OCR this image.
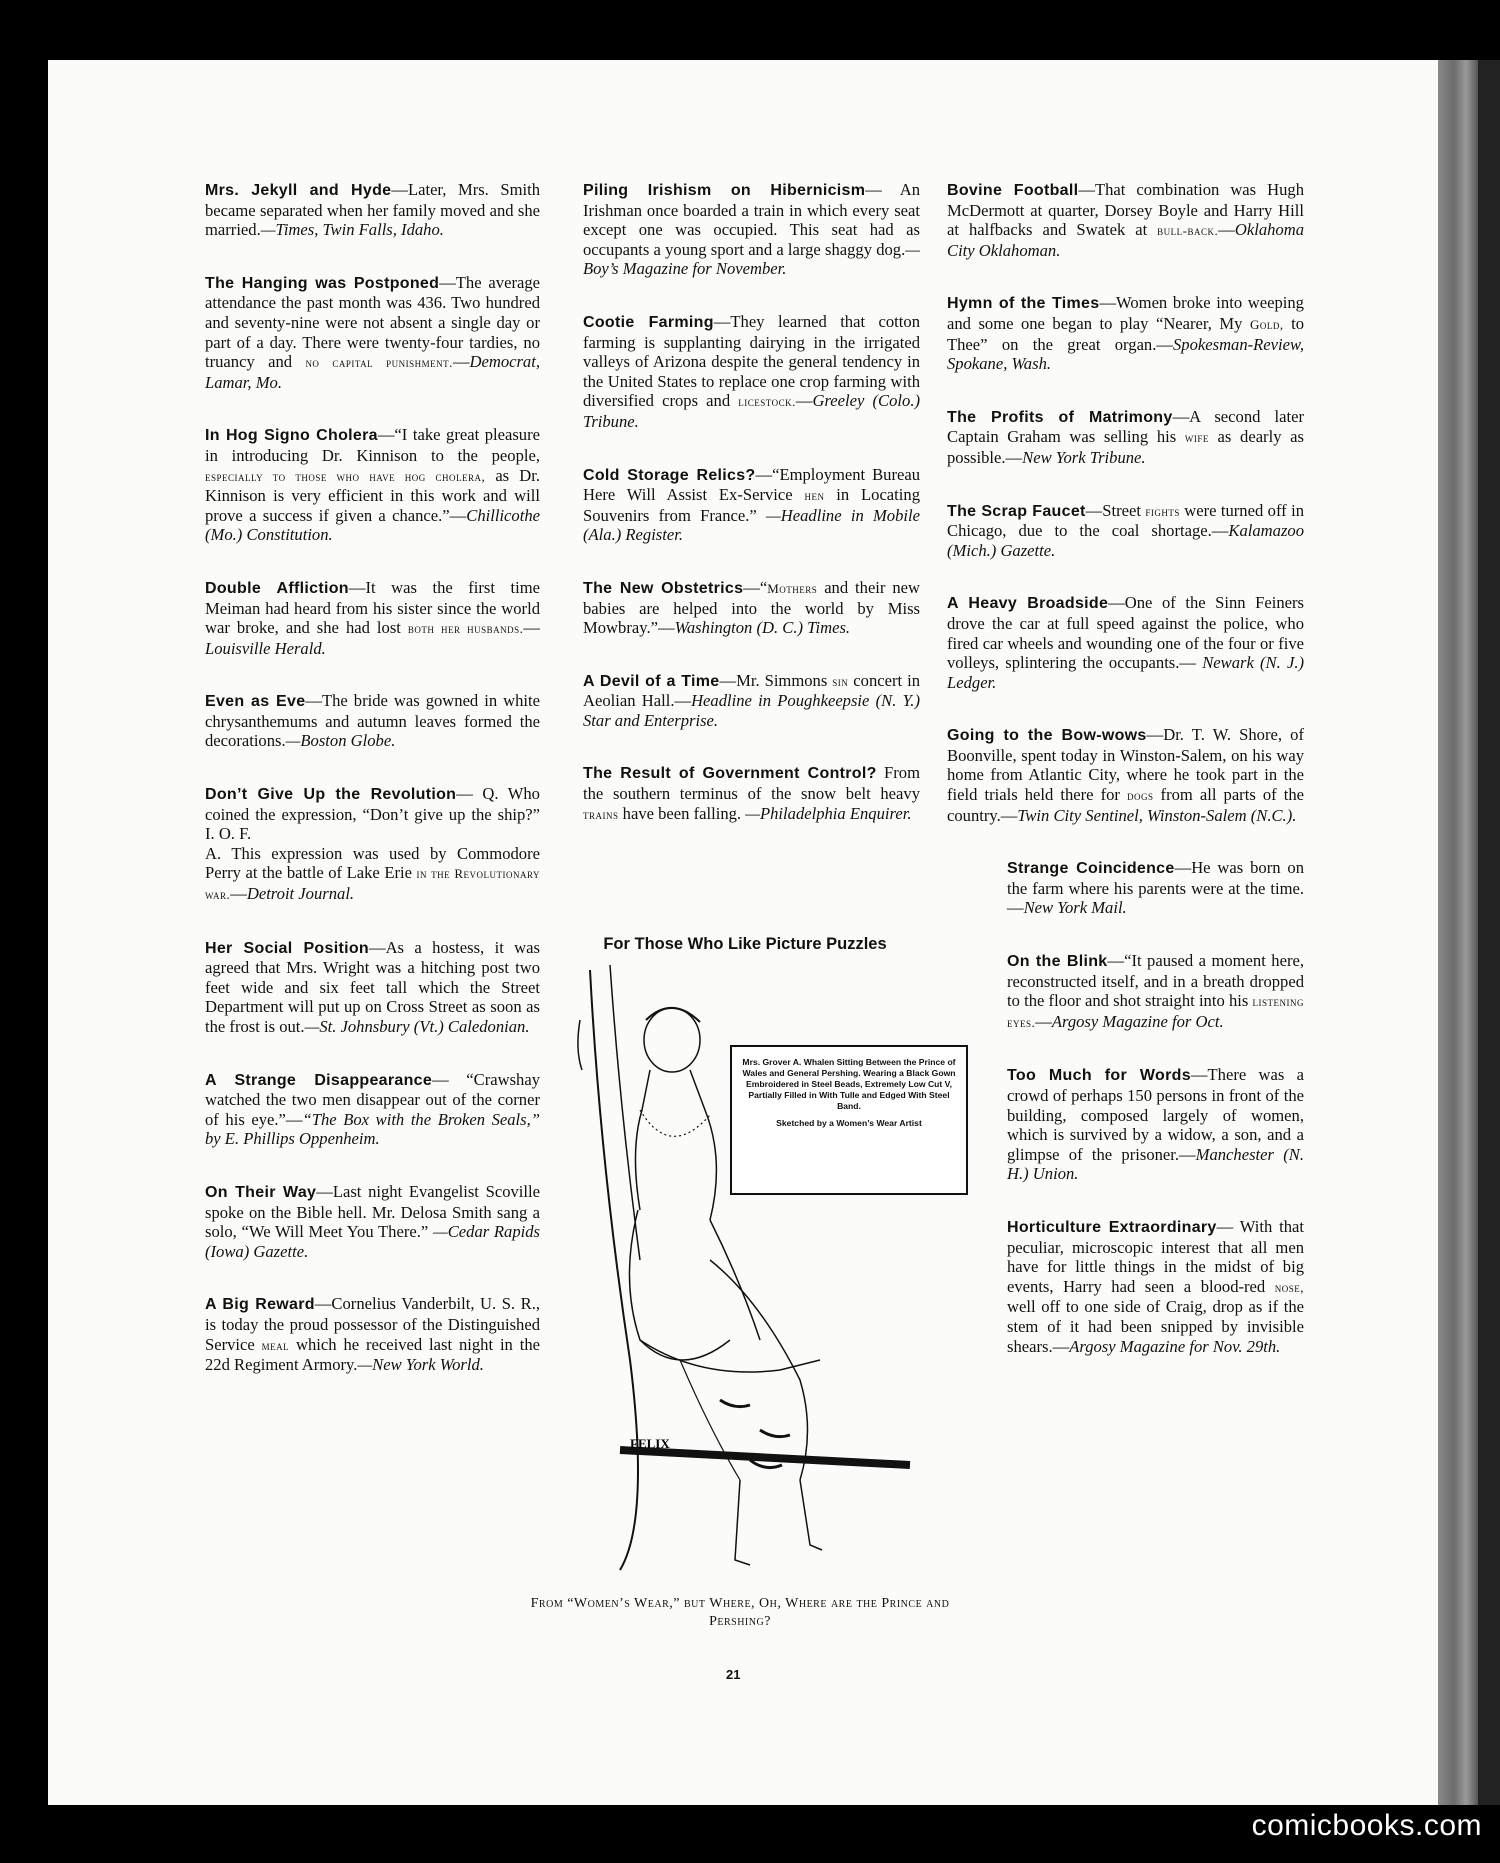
Mrs. Jekyll and Hyde—Later, Mrs. Smith became separated when her family moved and she married.—Times, Twin Falls, Idaho.
The Hanging was Postponed—The average attendance the past month was 436. Two hundred and seventy-nine were not absent a single day or part of a day. There were twenty-four tardies, no truancy and no capital punishment.—Democrat, Lamar, Mo.
In Hog Signo Cholera—“I take great pleasure in introducing Dr. Kinnison to the people, especially to those who have hog cholera, as Dr. Kinnison is very efficient in this work and will prove a success if given a chance.”—Chillicothe (Mo.) Constitution.
Double Affliction—It was the first time Meiman had heard from his sister since the world war broke, and she had lost both her husbands.—Louisville Herald.
Even as Eve—The bride was gowned in white chrysanthemums and autumn leaves formed the decorations.—Boston Globe.
Don’t Give Up the Revolution— Q. Who coined the expression, “Don’t give up the ship?” I. O. F.
A. This expression was used by Commodore Perry at the battle of Lake Erie in the Revolutionary war.—Detroit Journal.
Her Social Position—As a hostess, it was agreed that Mrs. Wright was a hitching post two feet wide and six feet tall which the Street Department will put up on Cross Street as soon as the frost is out.—St. Johnsbury (Vt.) Caledonian.
A Strange Disappearance— “Crawshay watched the two men disappear out of the corner of his eye.”—“The Box with the Broken Seals,” by E. Phillips Oppenheim.
On Their Way—Last night Evangelist Scoville spoke on the Bible hell. Mr. Delosa Smith sang a solo, “We Will Meet You There.” —Cedar Rapids (Iowa) Gazette.
A Big Reward—Cornelius Vanderbilt, U. S. R., is today the proud possessor of the Distinguished Service meal which he received last night in the 22d Regiment Armory.—New York World.
Piling Irishism on Hibernicism— An Irishman once boarded a train in which every seat except one was occupied. This seat had as occupants a young sport and a large shaggy dog.—Boy’s Magazine for November.
Cootie Farming—They learned that cotton farming is supplanting dairying in the irrigated valleys of Arizona despite the general tendency in the United States to replace one crop farming with diversified crops and licestock.—Greeley (Colo.) Tribune.
Cold Storage Relics?—“Employment Bureau Here Will Assist Ex-Service hen in Locating Souvenirs from France.” —Headline in Mobile (Ala.) Register.
The New Obstetrics—“Mothers and their new babies are helped into the world by Miss Mowbray.”—Washington (D. C.) Times.
A Devil of a Time—Mr. Simmons sin concert in Aeolian Hall.—Headline in Poughkeepsie (N. Y.) Star and Enterprise.
The Result of Government Control? From the southern terminus of the snow belt heavy trains have been falling. —Philadelphia Enquirer.
Bovine Football—That combination was Hugh McDermott at quarter, Dorsey Boyle and Harry Hill at halfbacks and Swatek at bull-back.—Oklahoma City Oklahoman.
Hymn of the Times—Women broke into weeping and some one began to play “Nearer, My Gold, to Thee” on the great organ.—Spokesman-Review, Spokane, Wash.
The Profits of Matrimony—A second later Captain Graham was selling his wife as dearly as possible.—New York Tribune.
The Scrap Faucet—Street fights were turned off in Chicago, due to the coal shortage.—Kalamazoo (Mich.) Gazette.
A Heavy Broadside—One of the Sinn Feiners drove the car at full speed against the police, who fired car wheels and wounding one of the four or five volleys, splintering the occupants.— Newark (N. J.) Ledger.
Going to the Bow-wows—Dr. T. W. Shore, of Boonville, spent today in Winston-Salem, on his way home from Atlantic City, where he took part in the field trials held there for dogs from all parts of the country.—Twin City Sentinel, Winston-Salem (N.C.).
Strange Coincidence—He was born on the farm where his parents were at the time.—New York Mail.
On the Blink—“It paused a moment here, reconstructed itself, and in a breath dropped to the floor and shot straight into his listening eyes.—Argosy Magazine for Oct.
Too Much for Words—There was a crowd of perhaps 150 persons in front of the building, composed largely of women, which is survived by a widow, a son, and a glimpse of the prisoner.—Manchester (N. H.) Union.
Horticulture Extraordinary— With that peculiar, microscopic interest that all men have for little things in the midst of big events, Harry had seen a blood-red nose, well off to one side of Craig, drop as if the stem of it had been snipped by invisible shears.—Argosy Magazine for Nov. 29th.
For Those Who Like Picture Puzzles
FELIX
Mrs. Grover A. Whalen Sitting Between the Prince of Wales and General Pershing. Wearing a Black Gown Embroidered in Steel Beads, Extremely Low Cut V, Partially Filled in With Tulle and Edged With Steel Band.
Sketched by a Women’s Wear Artist
From “Women’s Wear,” but Where, Oh, Where are the Prince and Pershing?
21
comicbooks.com
